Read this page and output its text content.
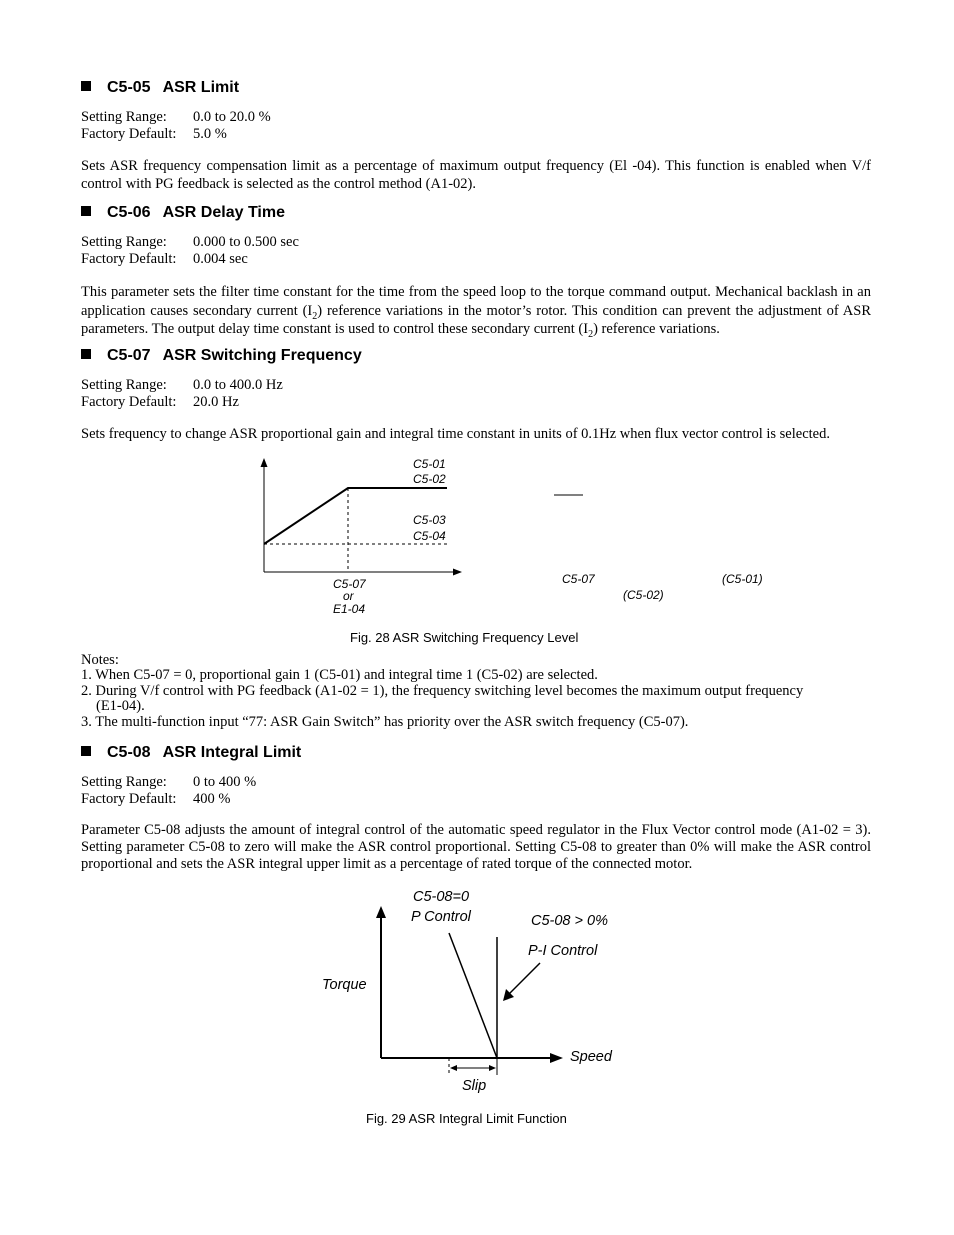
C5-05 ASR Limit
Setting Range: 0.0 to 20.0 %
Factory Default: 5.0 %
Sets ASR frequency compensation limit as a percentage of maximum output frequency (El -04). This function is enabled when V/f control with PG feedback is selected as the control method (A1-02).
C5-06 ASR Delay Time
Setting Range: 0.000 to 0.500 sec
Factory Default: 0.004 sec
This parameter sets the filter time constant for the time from the speed loop to the torque command output. Mechanical backlash in an application causes secondary current $(I_2)$ reference variations in the motor’s rotor. This condition can prevent the adjustment of ASR parameters. The output delay time constant is used to control these secondary current $(I_2)$ reference variations.
C5-07 ASR Switching Frequency
Setting Range: 0.0 to 400.0 Hz
Factory Default: 20.0 Hz
Sets frequency to change ASR proportional gain and integral time constant in units of 0.1Hz when flux vector control is selected.
C5-01
C5-02
C5-03
C5-04
C5-07
or
E1-04
C5-07	(C5-01)
(C5-02)
Fig. 28 ASR Switching Frequency Level
Notes:
1. When C5-07 = 0, proportional gain 1 (C5-01) and integral time 1 (C5-02) are selected.
2. During V/f control with PG feedback (A1-02 = 1), the frequency switching level becomes the maximum output frequency
(E1-04).
3. The multi-function input “77: ASR Gain Switch” has priority over the ASR switch frequency (C5-07).
C5-08 ASR Integral Limit
Setting Range: 0 to 400 %
Factory Default: 400 %
Parameter C5-08 adjusts the amount of integral control of the automatic speed regulator in the Flux Vector control mode (A1-02 = 3). Setting parameter C5-08 to zero will make the ASR control proportional. Setting C5-08 to greater than 0% will make the ASR control proportional and sets the ASR integral upper limit as a percentage of rated torque of the connected motor.
C5-08=0
P Control	C5-08 > 0%
P-I Control
Torque
Speed
Slip
Fig. 29 ASR Integral Limit Function
